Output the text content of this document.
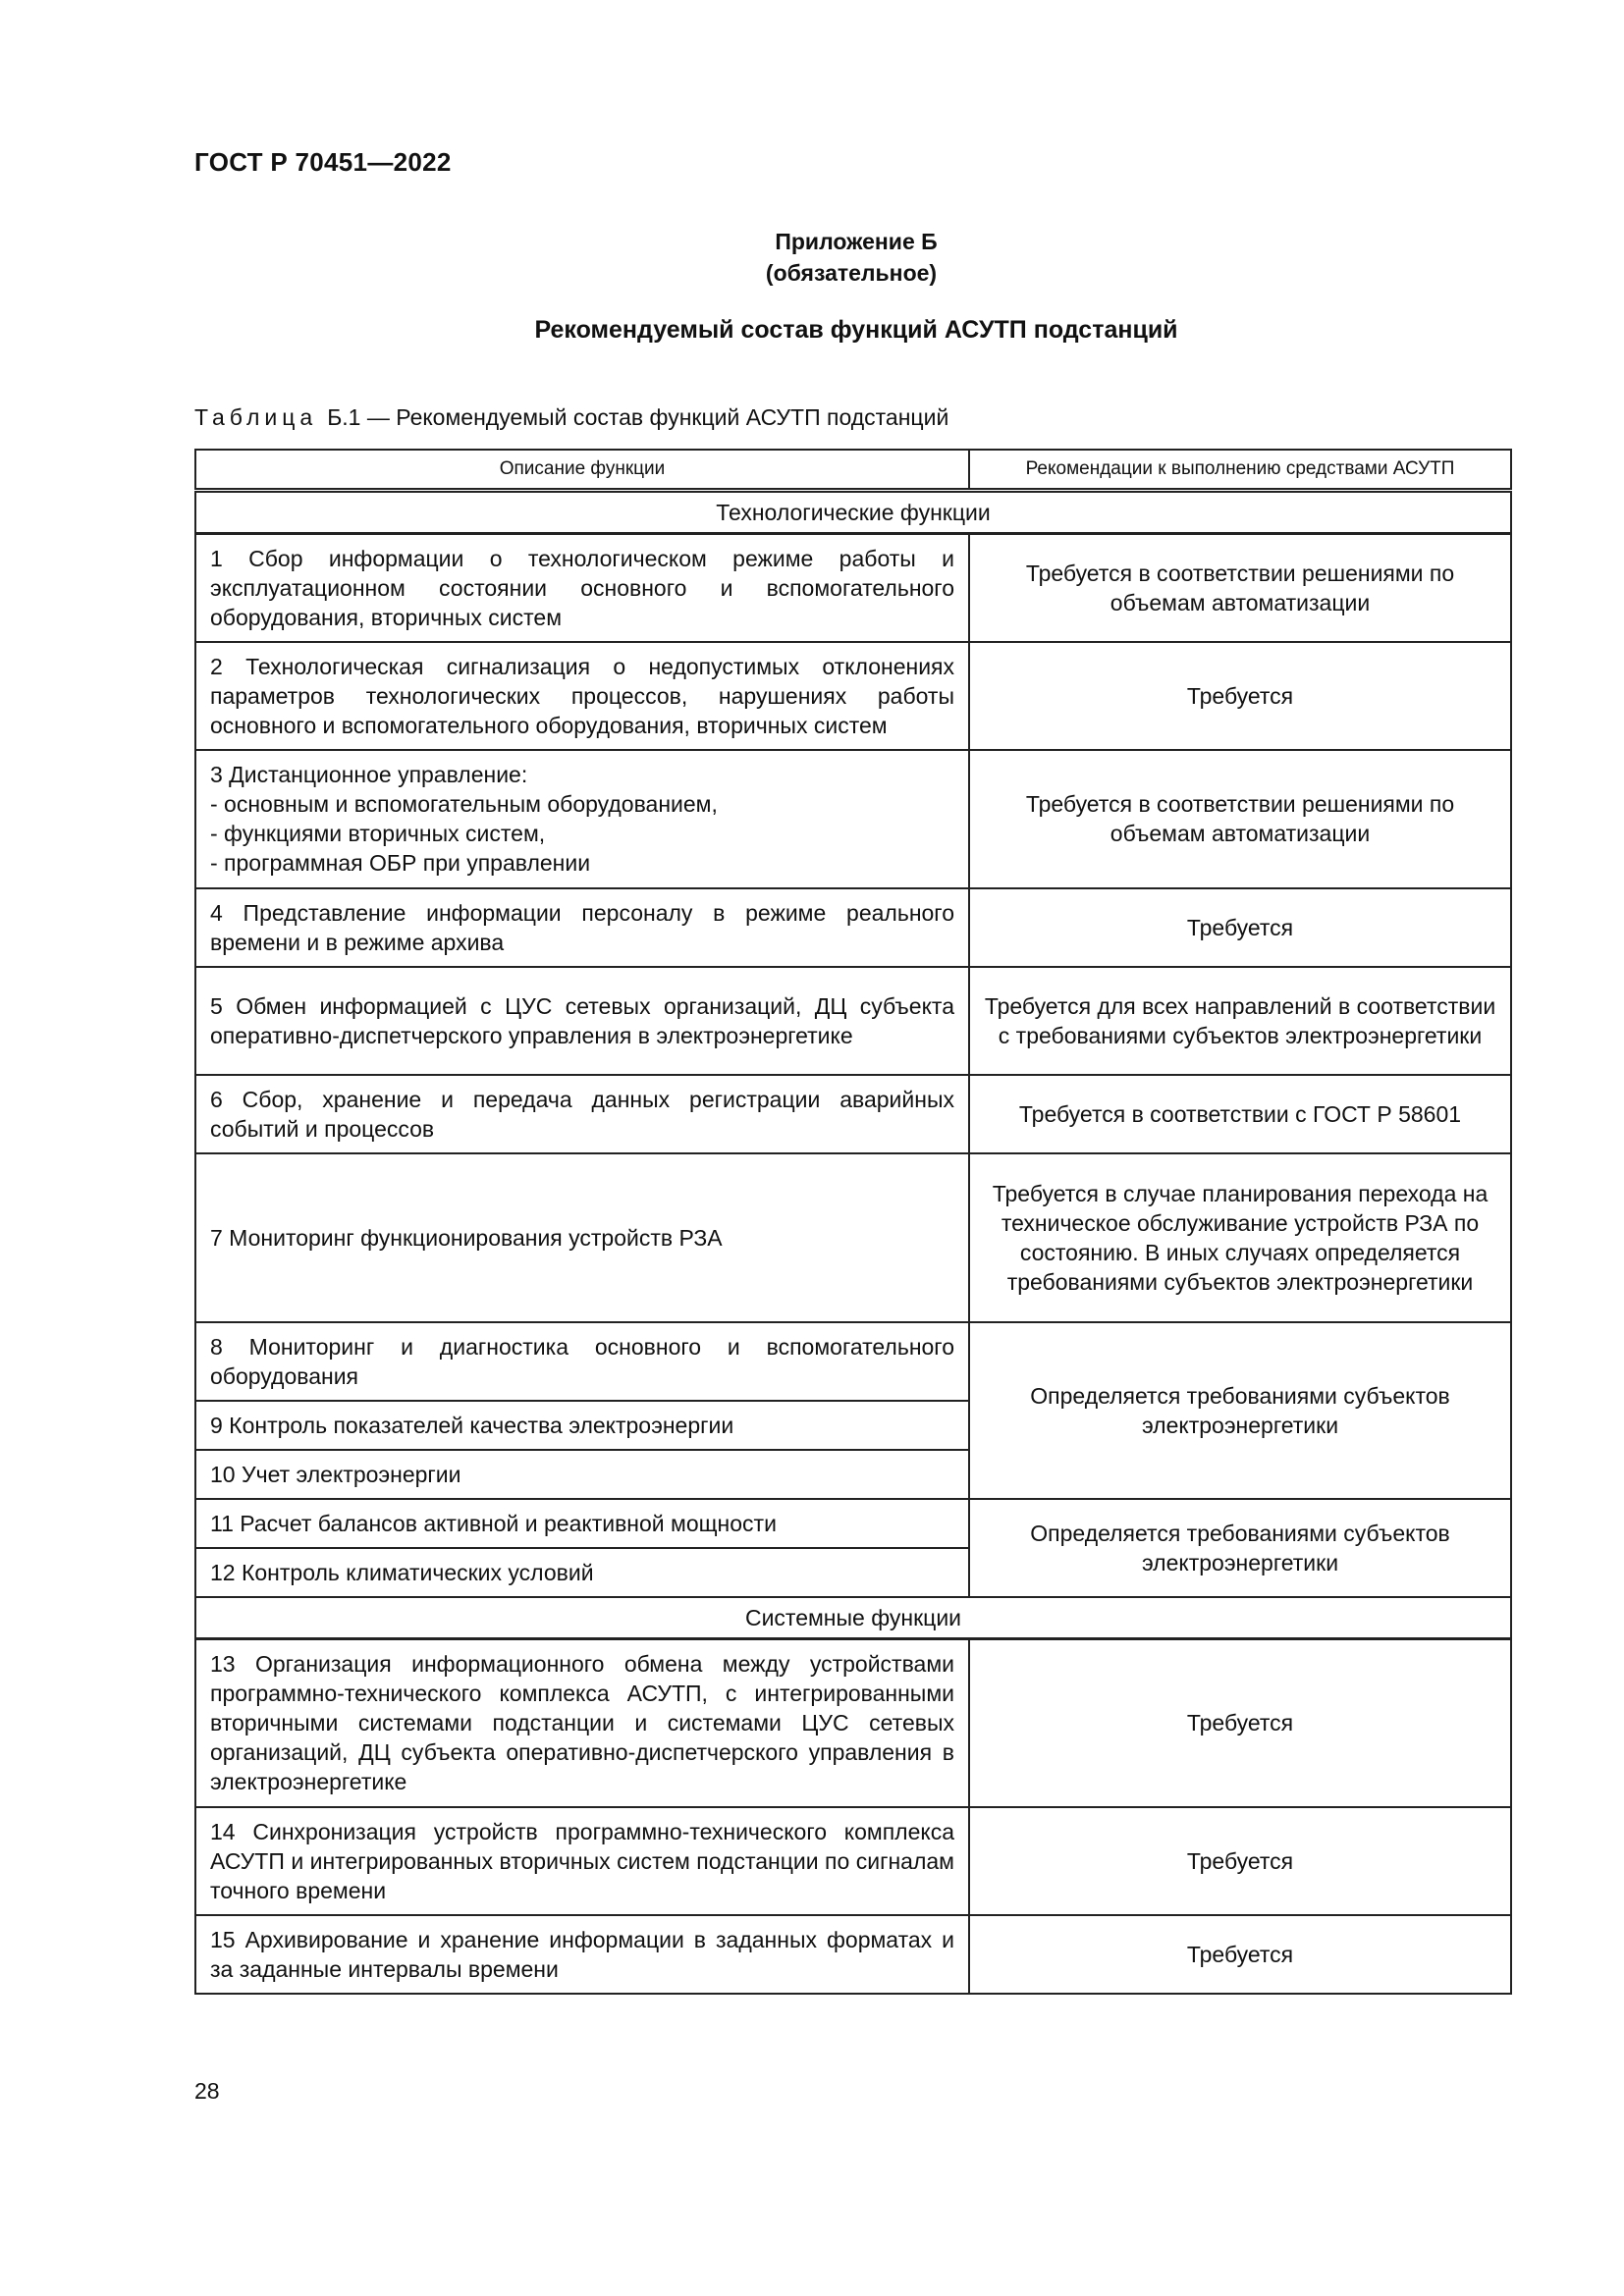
ГОСТ Р 70451—2022
Приложение Б
(обязательное)
Рекомендуемый состав функций АСУТП подстанций
Таблица Б.1 — Рекомендуемый состав функций АСУТП подстанций
Описание функции	Рекомендации к выполнению средствами АСУТП
Технологические функции	
1 Сбор информации о технологическом режиме работы и эксплуатационном состоянии основного и вспомогательного оборудования, вторичных систем	Требуется в соответствии решениями по объемам автоматизации
2 Технологическая сигнализация о недопустимых отклонениях параметров технологических процессов, нарушениях работы основного и вспомогательного оборудования, вторичных систем	Требуется

3 Дистанционное управление:
- основным и вспомогательным оборудованием,
- функциями вторичных систем,
- программная ОБР при управлении	Требуется в соответствии решениями по объемам автоматизации
4 Представление информации персоналу в режиме реального времени и в режиме архива	Требуется
5 Обмен информацией с ЦУС сетевых организаций, ДЦ субъекта оперативно-диспетчерского управления в электроэнергетике	Требуется для всех направлений в соответствии с требованиями субъектов электроэнергетики
6 Сбор, хранение и передача данных регистрации аварийных событий и процессов	Требуется в соответствии с ГОСТ Р 58601
7 Мониторинг функционирования устройств РЗА	Требуется в случае планирования перехода на техническое обслуживание устройств РЗА по состоянию. В иных случаях определяется требованиями субъектов электроэнергетики
8 Мониторинг и диагностика основного и вспомогательного оборудования	Определяется требованиями субъектов электроэнергетики
9 Контроль показателей качества электроэнергии	
10 Учет электроэнергии	
11 Расчет балансов активной и реактивной мощности	Определяется требованиями субъектов электроэнергетики
12 Контроль климатических условий	
Системные функции	
13 Организация информационного обмена между устройствами программно-технического комплекса АСУТП, с интегрированными вторичными системами подстанции и системами ЦУС сетевых организаций, ДЦ субъекта оперативно-диспетчерского управления в электроэнергетике	Требуется
14 Синхронизация устройств программно-технического комплекса АСУТП и интегрированных вторичных систем подстанции по сигналам точного времени	Требуется
15 Архивирование и хранение информации в заданных форматах и за заданные интервалы времени	Требуется
28
